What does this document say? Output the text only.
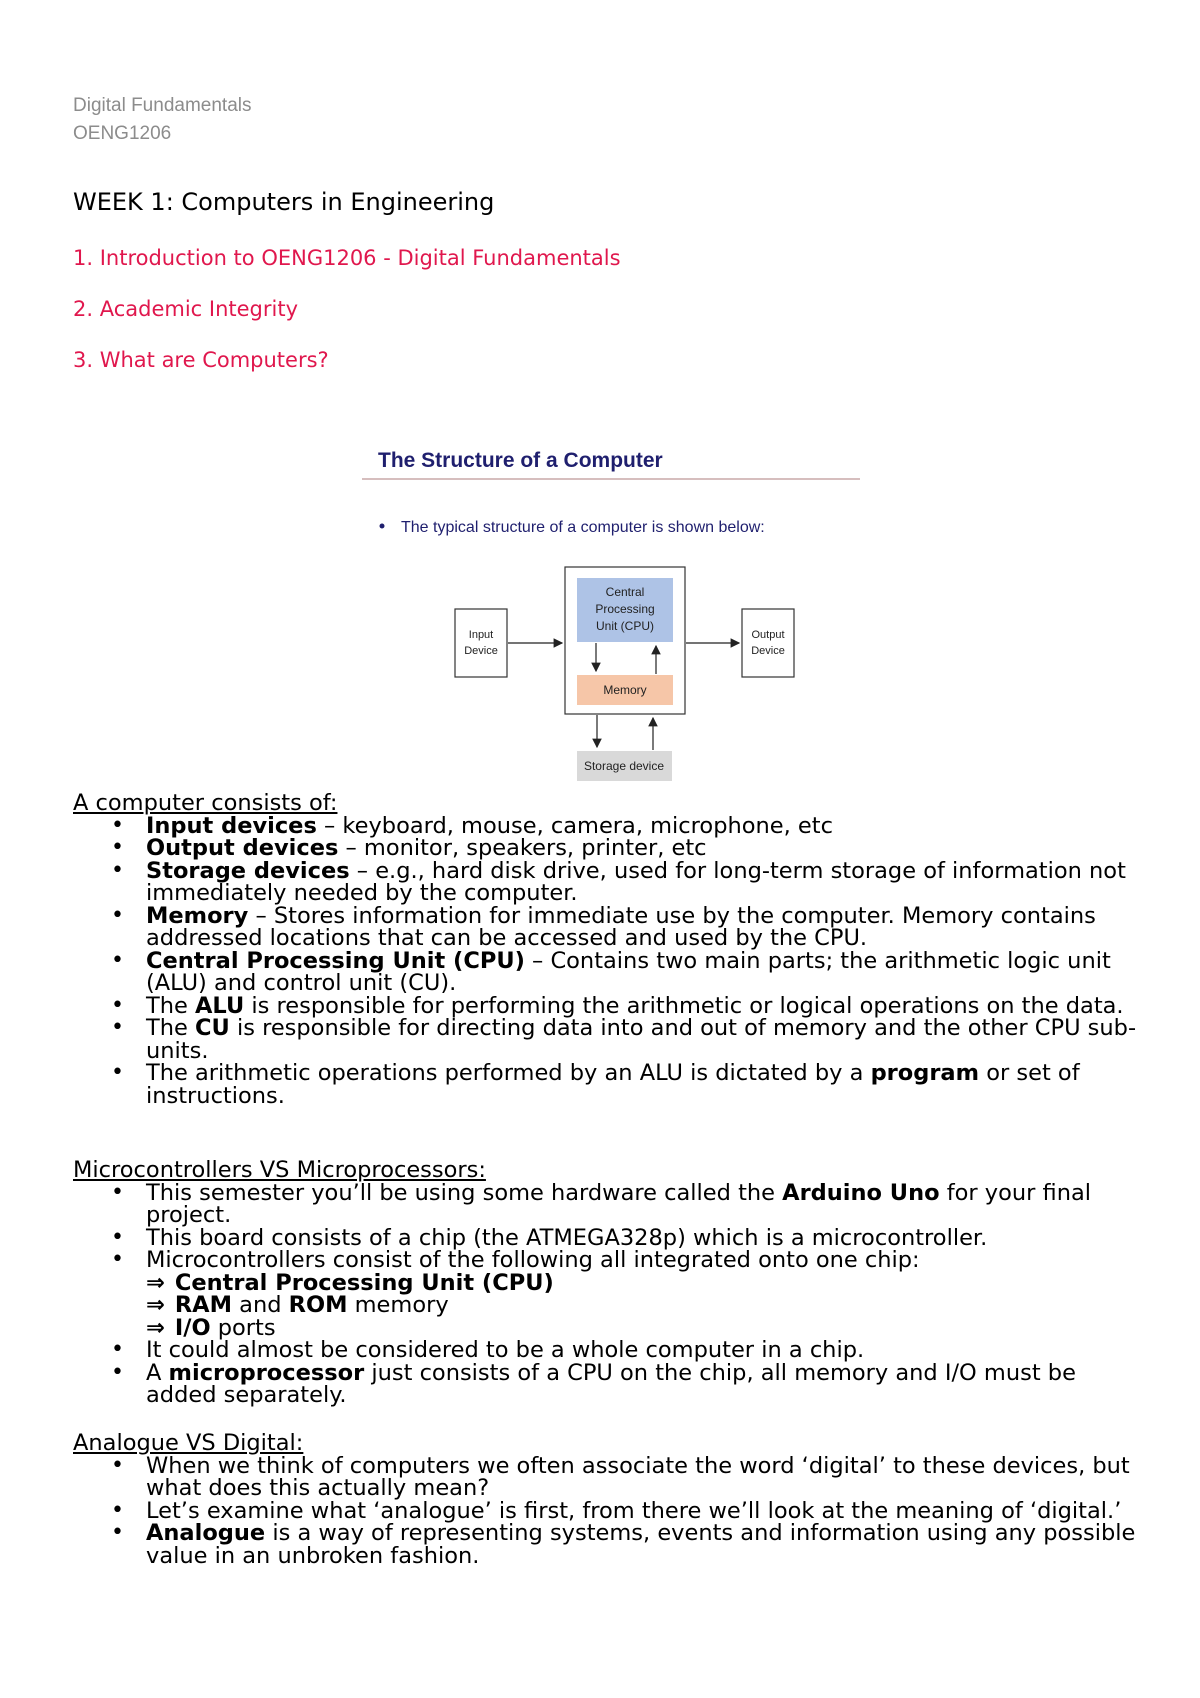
Digital Fundamentals
OENG1206
WEEK 1: Computers in Engineering
1. Introduction to OENG1206 - Digital Fundamentals
2. Academic Integrity
3. What are Computers?
The Structure of a Computer
The typical structure of a computer is shown below:
Central
Processing
Unit (CPU)
Memory
Input
Device
Output
Device
Storage device
A computer consists of:
• Input devices – keyboard, mouse, camera, microphone, etc
• Output devices – monitor, speakers, printer, etc
• Storage devices – e.g., hard disk drive, used for long-term storage of information not immediately needed by the computer.
• Memory – Stores information for immediate use by the computer. Memory contains addressed locations that can be accessed and used by the CPU.
• Central Processing Unit (CPU) – Contains two main parts; the arithmetic logic unit (ALU) and control unit (CU).
• The ALU is responsible for performing the arithmetic or logical operations on the data.
• The CU is responsible for directing data into and out of memory and the other CPU sub-units.
• The arithmetic operations performed by an ALU is dictated by a program or set of instructions.
Microcontrollers VS Microprocessors:
• This semester you’ll be using some hardware called the Arduino Uno for your final project.
• This board consists of a chip (the ATMEGA328p) which is a microcontroller.
• Microcontrollers consist of the following all integrated onto one chip:
⇒ Central Processing Unit (CPU)
⇒ RAM and ROM memory
⇒ I/O ports
• It could almost be considered to be a whole computer in a chip.
• A microprocessor just consists of a CPU on the chip, all memory and I/O must be added separately.
Analogue VS Digital:
• When we think of computers we often associate the word ‘digital’ to these devices, but what does this actually mean?
• Let’s examine what ‘analogue’ is first, from there we’ll look at the meaning of ‘digital.’
• Analogue is a way of representing systems, events and information using any possible value in an unbroken fashion.
